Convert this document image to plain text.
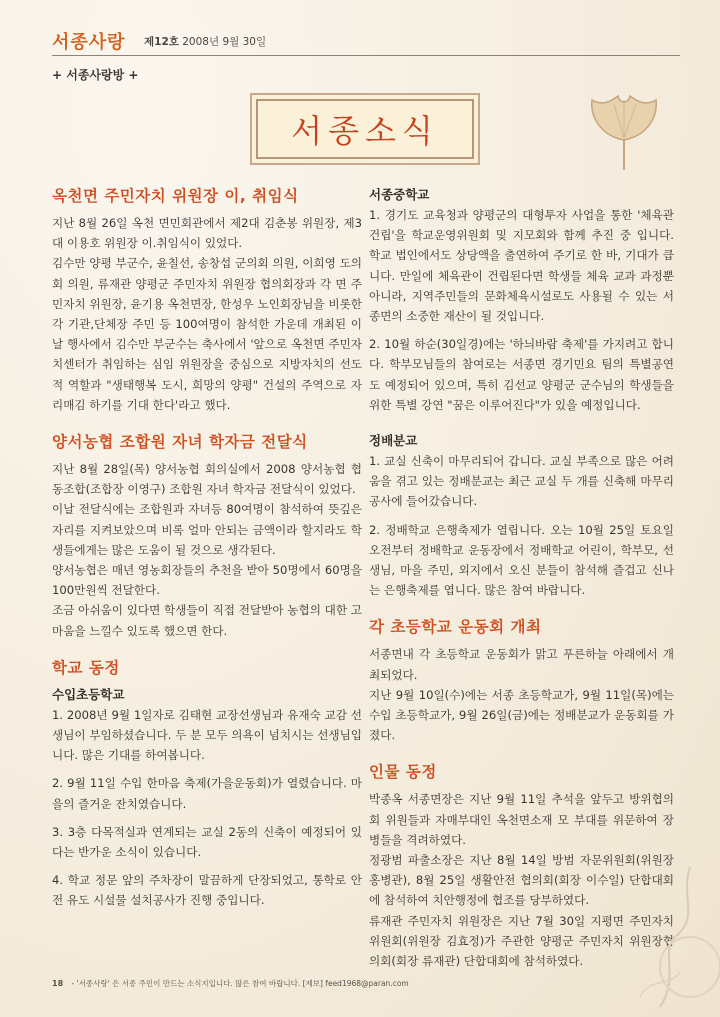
서종사랑 제12호 2008년 9월 30일
+ 서종사랑방 +
서종소식
옥천면 주민자치 위원장 이, 취임식

지난 8월 26일 옥천 면민회관에서 제2대 김춘봉 위원장, 제3대 이용호 위원장 이.취임식이 있었다.

김수만 양평 부군수, 윤칠선, 송창섭 군의회 의원, 이희영 도의회 의원, 류재관 양평군 주민자치 위원장 협의회장과 각 면 주민자치 위원장, 윤기용 옥천면장, 한성우 노인회장님을 비롯한 각 기관,단체장 주민 등 100여명이 참석한 가운데 개최된 이날 행사에서 김수만 부군수는 축사에서 '앞으로 옥천면 주민자치센터가 취임하는 심임 위원장을 중심으로 지방자치의 선도적 역할과 "생태행복 도시, 희망의 양평" 건설의 주역으로 자리매김 하기를 기대 한다'라고 했다.

양서농협 조합원 자녀 학자금 전달식

지난 8월 28일(목) 양서농협 회의실에서 2008 양서농협 협동조합(조합장 이영구) 조합원 자녀 학자금 전달식이 있었다.

이날 전달식에는 조합원과 자녀등 80여명이 참석하여 뜻깊은 자리를 지켜보았으며 비록 얼마 안되는 금액이라 할지라도 학생들에게는 많은 도움이 될 것으로 생각된다.

양서농협은 매년 영농회장들의 추천을 받아 50명에서 60명을 100만원씩 전달한다.

조금 아쉬움이 있다면 학생들이 직접 전달받아 농협의 대한 고마움을 느낄수 있도록 했으면 한다.

학교 동정
수입초등학교

1. 2008년 9월 1일자로 김태현 교장선생님과 유재숙 교감 선생님이 부임하셨습니다. 두 분 모두 의욕이 넘치시는 선생님입니다. 많은 기대를 하여봅니다.

2. 9월 11일 수입 한마음 축제(가을운동회)가 열렸습니다. 마을의 즐거운 잔치였습니다.

3. 3층 다목적실과 연계되는 교실 2동의 신축이 예정되어 있다는 반가운 소식이 있습니다.

4. 학교 정문 앞의 주차장이 말끔하게 단장되었고, 통학로 안전 유도 시설물 설치공사가 진행 중입니다.

서종중학교

1. 경기도 교육청과 양평군의 대형투자 사업을 통한 '체육관 건립'을 학교운영위원회 및 지모회와 함께 추진 중 입니다. 학교 법인에서도 상당액을 출연하여 주기로 한 바, 기대가 큽니다. 만일에 체육관이 건립된다면 학생들 체육 교과 과정뿐 아니라, 지역주민들의 문화체육시설로도 사용될 수 있는 서종면의 소중한 재산이 될 것입니다.

2. 10월 하순(30일경)에는 '하늬바람 축제'를 가지려고 합니다. 학부모님들의 참여로는 서종면 경기민요 팀의 특별공연도 예정되어 있으며, 특히 김선교 양평군 군수님의 학생들을 위한 특별 강연 "꿈은 이루어진다"가 있을 예정입니다.

정배분교

1. 교실 신축이 마무리되어 갑니다. 교실 부족으로 많은 어려움을 겪고 있는 정배분교는 최근 교실 두 개를 신축해 마무리 공사에 들어갔습니다.

2. 정배학교 은행축제가 열립니다. 오는 10월 25일 토요일 오전부터 정배학교 운동장에서 정배학교 어린이, 학부모, 선생님, 마을 주민, 외지에서 오신 분들이 참석해 즐겁고 신나는 은행축제를 엽니다. 많은 참여 바랍니다.

각 초등학교 운동회 개최

서종면내 각 초등학교 운동회가 맑고 푸른하늘 아래에서 개최되었다.

지난 9월 10일(수)에는 서종 초등학교가, 9월 11일(목)에는 수입 초등학교가, 9월 26일(금)에는 정배분교가 운동회를 가졌다.

인물 동정

박종옥 서종면장은 지난 9월 11일 추석을 앞두고 방위협의회 위원들과 자매부대인 옥천면소재 모 부대를 위문하여 장병들을 격려하였다.

정광범 파출소장은 지난 8월 14일 방범 자문위원회(위원장 홍병관), 8월 25일 생활안전 협의회(회장 이수일) 단합대회에 참석하여 치안행정에 협조를 당부하였다.

류재관 주민자치 위원장은 지난 7월 30일 지평면 주민자치 위원회(위원장 김효정)가 주관한 양평군 주민자치 위원장협의회(회장 류재관) 단합대회에 참석하였다.

18 - '서종사랑' 은 서종 주민이 만드는 소식지입니다. 많은 참여 바랍니다. [제보] feed1968@paran.com
